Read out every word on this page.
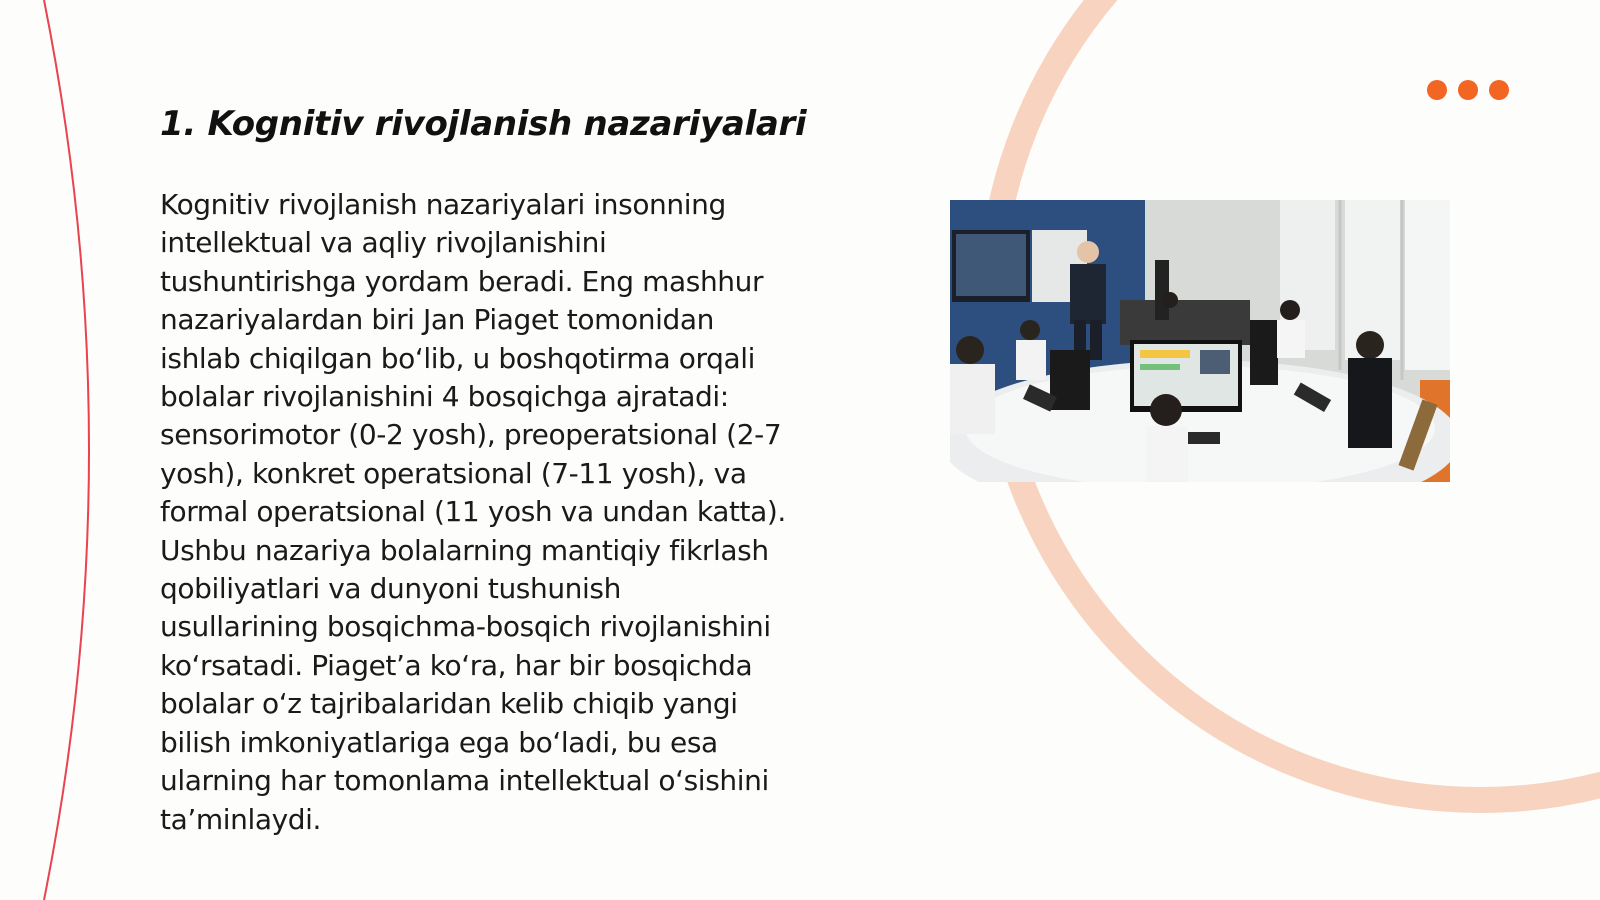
1. Kognitiv rivojlanish nazariyalari
Kognitiv rivojlanish nazariyalari insonning
intellektual va aqliy rivojlanishini
tushuntirishga yordam beradi. Eng mashhur
nazariyalardan biri Jan Piaget tomonidan
ishlab chiqilgan bo‘lib, u boshqotirma orqali
bolalar rivojlanishini 4 bosqichga ajratadi:
sensorimotor (0-2 yosh), preoperatsional (2-7
yosh), konkret operatsional (7-11 yosh), va
formal operatsional (11 yosh va undan katta).
Ushbu nazariya bolalarning mantiqiy fikrlash
qobiliyatlari va dunyoni tushunish
usullarining bosqichma-bosqich rivojlanishini
ko‘rsatadi. Piaget’a ko‘ra, har bir bosqichda
bolalar o‘z tajribalaridan kelib chiqib yangi
bilish imkoniyatlariga ega bo‘ladi, bu esa
ularning har tomonlama intellektual o‘sishini
ta’minlaydi.
